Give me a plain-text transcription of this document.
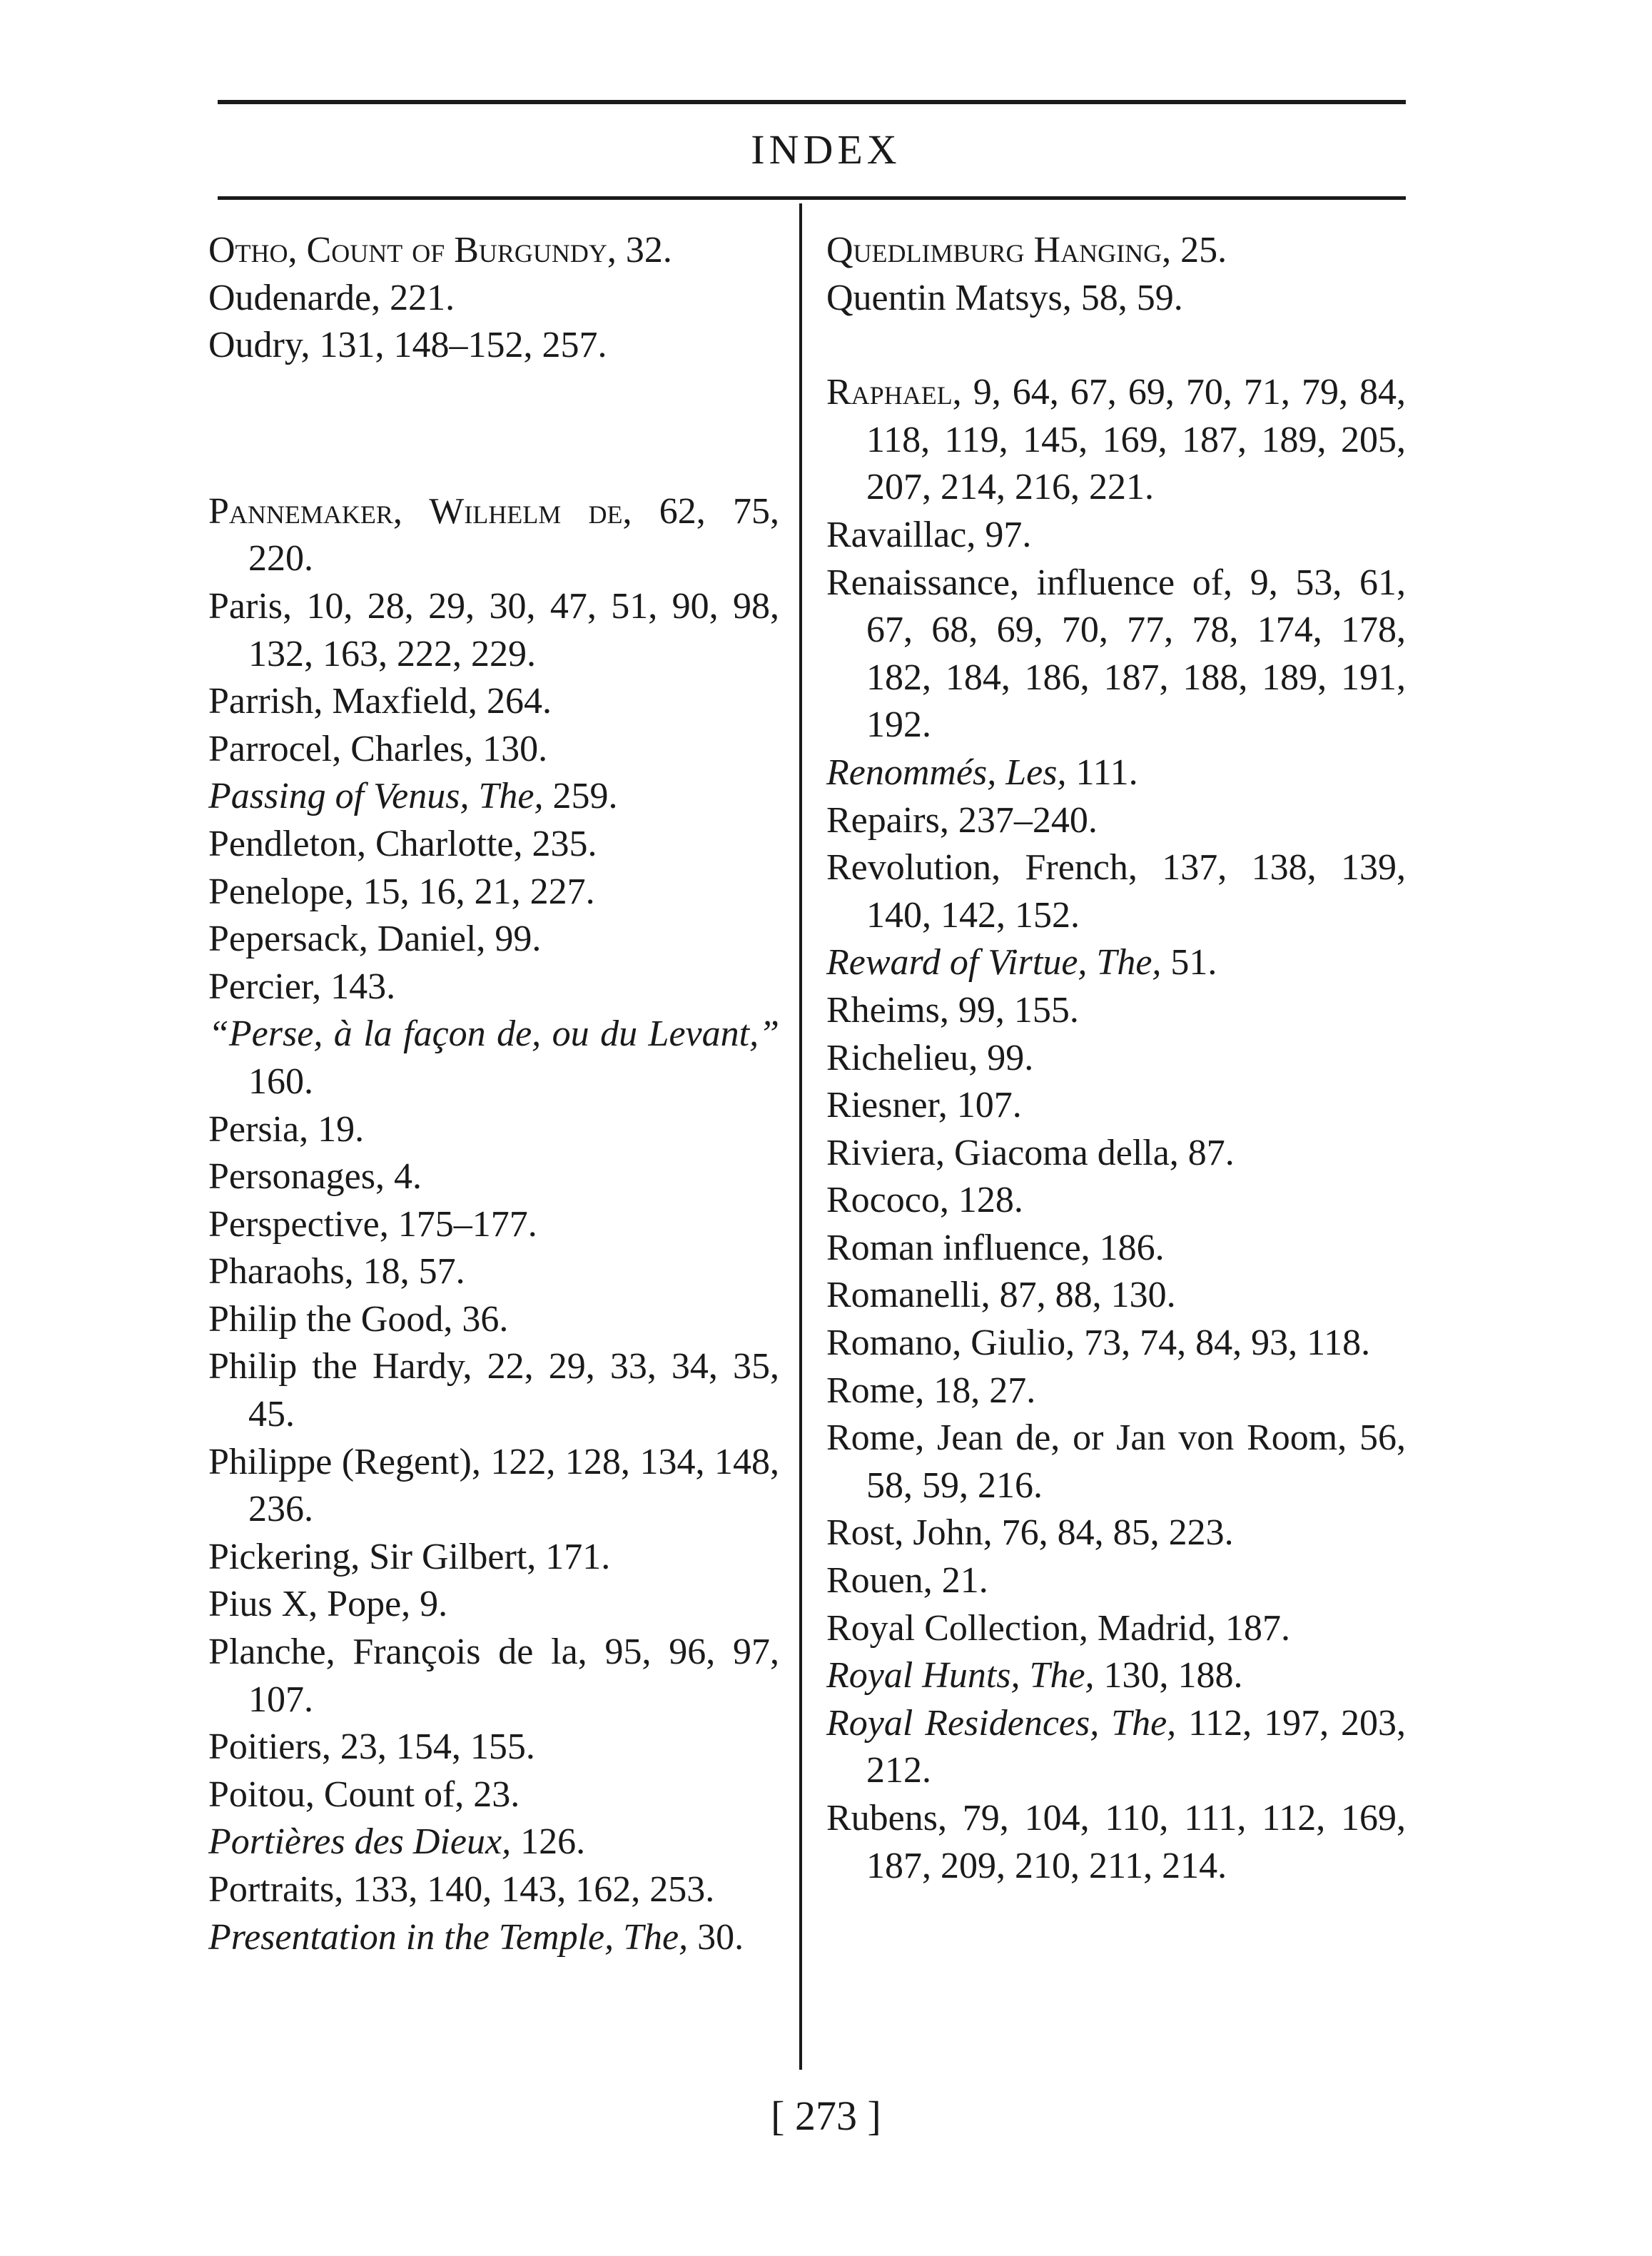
INDEX
Otho, Count of Burgundy, 32.
Oudenarde, 221.
Oudry, 131, 148–152, 257.
Pannemaker, Wilhelm de, 62, 75, 220.
Paris, 10, 28, 29, 30, 47, 51, 90, 98, 132, 163, 222, 229.
Parrish, Maxfield, 264.
Parrocel, Charles, 130.
Passing of Venus, The, 259.
Pendleton, Charlotte, 235.
Penelope, 15, 16, 21, 227.
Pepersack, Daniel, 99.
Percier, 143.
“Perse, à la façon de, ou du Levant,” 160.
Persia, 19.
Personages, 4.
Perspective, 175–177.
Pharaohs, 18, 57.
Philip the Good, 36.
Philip the Hardy, 22, 29, 33, 34, 35, 45.
Philippe (Regent), 122, 128, 134, 148, 236.
Pickering, Sir Gilbert, 171.
Pius X, Pope, 9.
Planche, François de la, 95, 96, 97, 107.
Poitiers, 23, 154, 155.
Poitou, Count of, 23.
Portières des Dieux, 126.
Portraits, 133, 140, 143, 162, 253.
Presentation in the Temple, The, 30.
Quedlimburg Hanging, 25.
Quentin Matsys, 58, 59.
Raphael, 9, 64, 67, 69, 70, 71, 79, 84, 118, 119, 145, 169, 187, 189, 205, 207, 214, 216, 221.
Ravaillac, 97.
Renaissance, influence of, 9, 53, 61, 67, 68, 69, 70, 77, 78, 174, 178, 182, 184, 186, 187, 188, 189, 191, 192.
Renommés, Les, 111.
Repairs, 237–240.
Revolution, French, 137, 138, 139, 140, 142, 152.
Reward of Virtue, The, 51.
Rheims, 99, 155.
Richelieu, 99.
Riesner, 107.
Riviera, Giacoma della, 87.
Rococo, 128.
Roman influence, 186.
Romanelli, 87, 88, 130.
Romano, Giulio, 73, 74, 84, 93, 118.
Rome, 18, 27.
Rome, Jean de, or Jan von Room, 56, 58, 59, 216.
Rost, John, 76, 84, 85, 223.
Rouen, 21.
Royal Collection, Madrid, 187.
Royal Hunts, The, 130, 188.
Royal Residences, The, 112, 197, 203, 212.
Rubens, 79, 104, 110, 111, 112, 169, 187, 209, 210, 211, 214.
[ 273 ]
